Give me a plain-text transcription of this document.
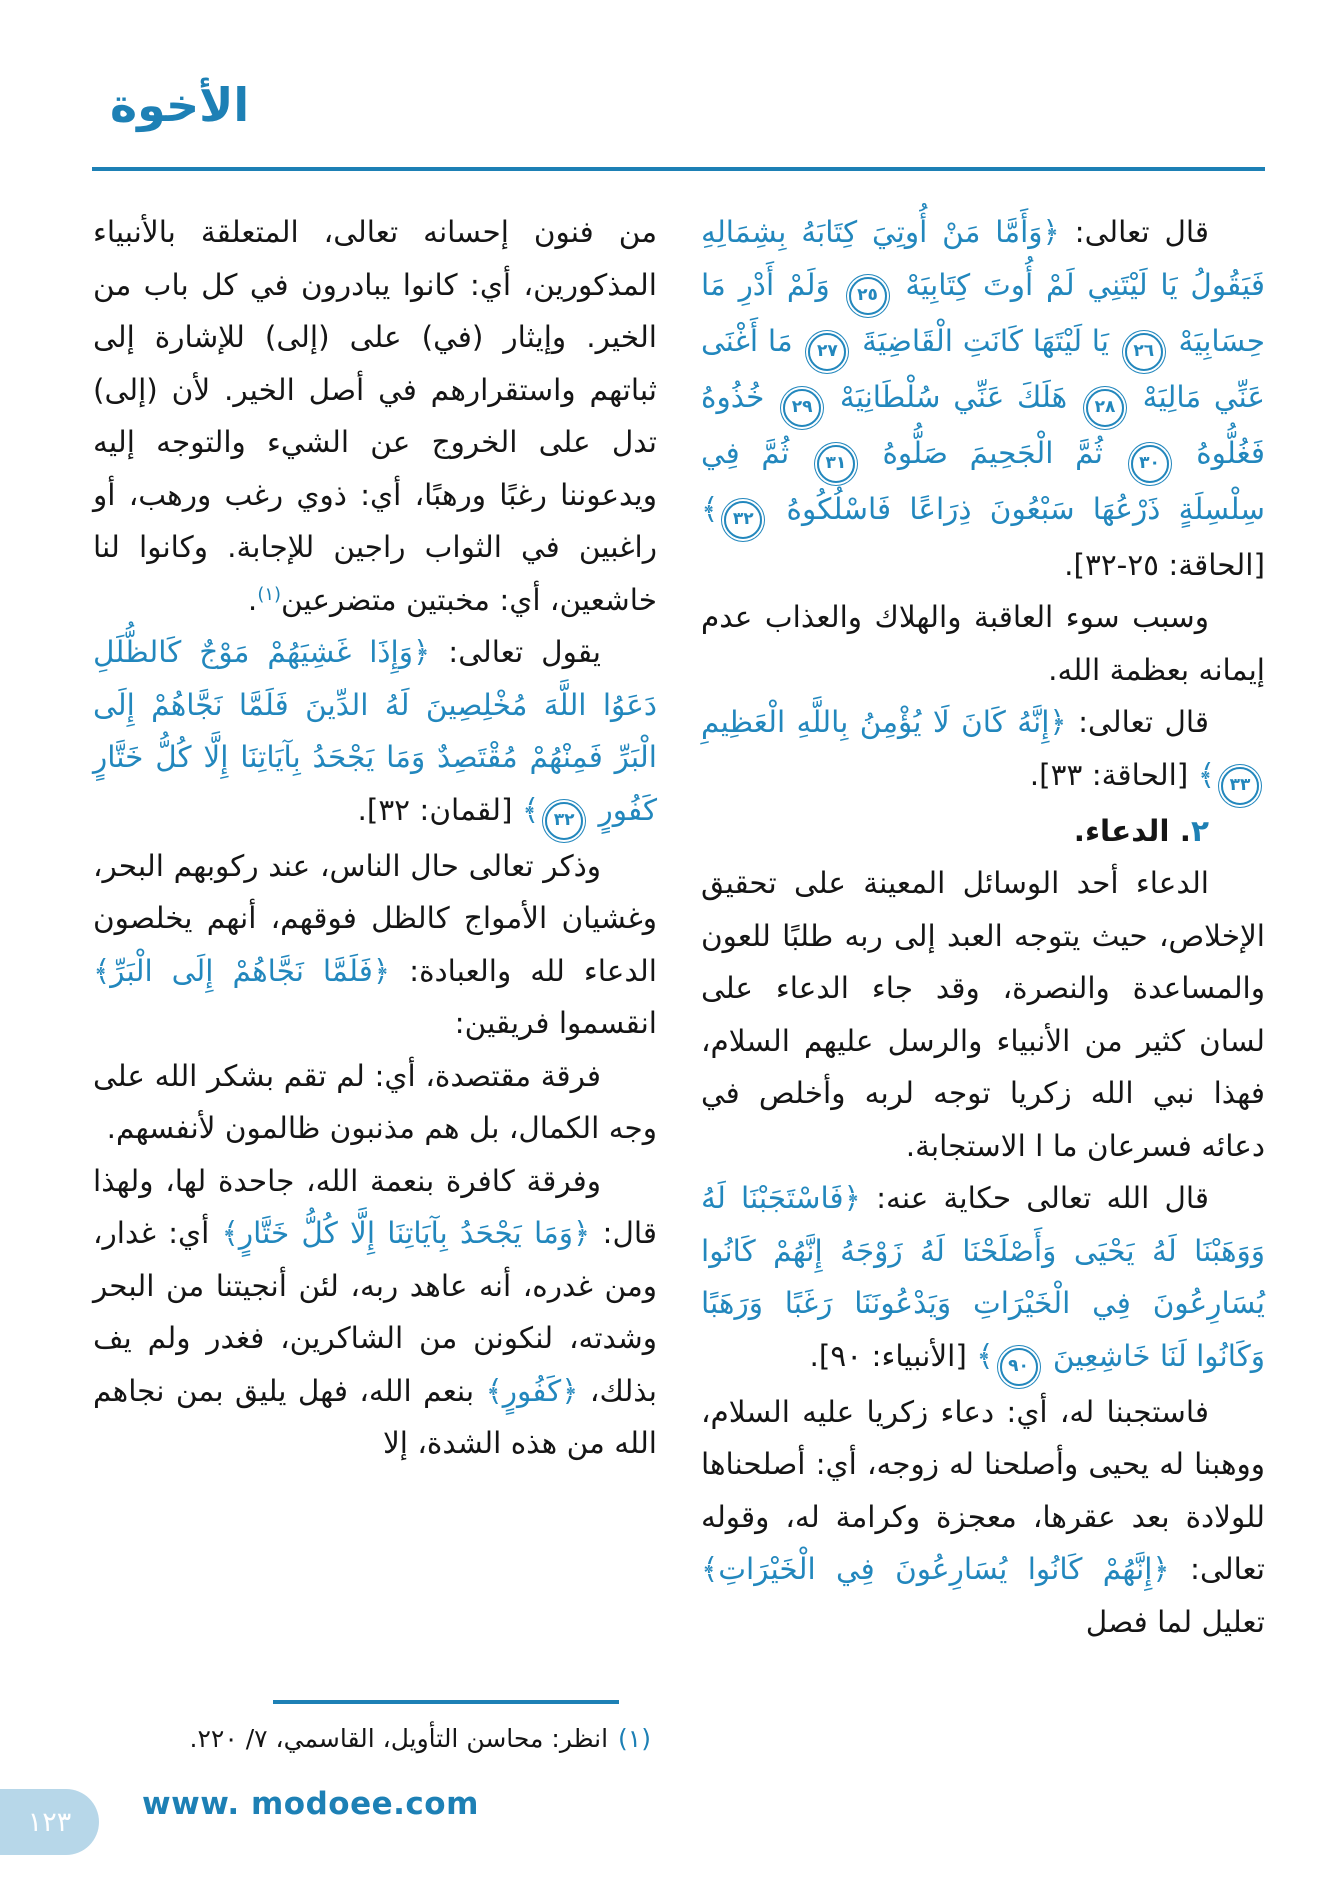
الأخوة

قال تعالى: ﴿وَأَمَّا مَنْ أُوتِيَ كِتَابَهُ بِشِمَالِهِ فَيَقُولُ يَا لَيْتَنِي لَمْ أُوتَ كِتَابِيَهْ ٢٥ وَلَمْ أَدْرِ مَا حِسَابِيَهْ ٢٦ يَا لَيْتَهَا كَانَتِ الْقَاضِيَةَ ٢٧ مَا أَغْنَى عَنِّي مَالِيَهْ ٢٨ هَلَكَ عَنِّي سُلْطَانِيَهْ ٢٩ خُذُوهُ فَغُلُّوهُ ٣٠ ثُمَّ الْجَحِيمَ صَلُّوهُ ٣١ ثُمَّ فِي سِلْسِلَةٍ ذَرْعُهَا سَبْعُونَ ذِرَاعًا فَاسْلُكُوهُ ٣٢﴾ [الحاقة: ٢٥-٣٢].

وسبب سوء العاقبة والهلاك والعذاب عدم إيمانه بعظمة الله.

قال تعالى: ﴿إِنَّهُ كَانَ لَا يُؤْمِنُ بِاللَّهِ الْعَظِيمِ ٣٣﴾ [الحاقة: ٣٣].

٢. الدعاء.

الدعاء أحد الوسائل المعينة على تحقيق الإخلاص، حيث يتوجه العبد إلى ربه طلبًا للعون والمساعدة والنصرة، وقد جاء الدعاء على لسان كثير من الأنبياء والرسل عليهم السلام، فهذا نبي الله زكريا توجه لربه وأخلص في دعائه فسرعان ما ا الاستجابة.

قال الله تعالى حكاية عنه: ﴿فَاسْتَجَبْنَا لَهُ وَوَهَبْنَا لَهُ يَحْيَى وَأَصْلَحْنَا لَهُ زَوْجَهُ إِنَّهُمْ كَانُوا يُسَارِعُونَ فِي الْخَيْرَاتِ وَيَدْعُونَنَا رَغَبًا وَرَهَبًا وَكَانُوا لَنَا خَاشِعِينَ ٩٠﴾ [الأنبياء: ٩٠].

فاستجبنا له، أي: دعاء زكريا عليه السلام، ووهبنا له يحيى وأصلحنا له زوجه، أي: أصلحناها للولادة بعد عقرها، معجزة وكرامة له، وقوله تعالى: ﴿إِنَّهُمْ كَانُوا يُسَارِعُونَ فِي الْخَيْرَاتِ﴾ تعليل لما فصل

من فنون إحسانه تعالى، المتعلقة بالأنبياء المذكورين، أي: كانوا يبادرون في كل باب من الخير. وإيثار (في) على (إلى) للإشارة إلى ثباتهم واستقرارهم في أصل الخير. لأن (إلى) تدل على الخروج عن الشيء والتوجه إليه ويدعوننا رغبًا ورهبًا، أي: ذوي رغب ورهب، أو راغبين في الثواب راجين للإجابة. وكانوا لنا خاشعين، أي: مخبتين متضرعين$^{(١)}$.

يقول تعالى: ﴿وَإِذَا غَشِيَهُمْ مَوْجٌ كَالظُّلَلِ دَعَوُا اللَّهَ مُخْلِصِينَ لَهُ الدِّينَ فَلَمَّا نَجَّاهُمْ إِلَى الْبَرِّ فَمِنْهُمْ مُقْتَصِدٌ وَمَا يَجْحَدُ بِآيَاتِنَا إِلَّا كُلُّ خَتَّارٍ كَفُورٍ ٣٢﴾ [لقمان: ٣٢].

وذكر تعالى حال الناس، عند ركوبهم البحر، وغشيان الأمواج كالظل فوقهم، أنهم يخلصون الدعاء لله والعبادة: ﴿فَلَمَّا نَجَّاهُمْ إِلَى الْبَرِّ﴾ انقسموا فريقين:

فرقة مقتصدة، أي: لم تقم بشكر الله على وجه الكمال، بل هم مذنبون ظالمون لأنفسهم.

وفرقة كافرة بنعمة الله، جاحدة لها، ولهذا قال: ﴿وَمَا يَجْحَدُ بِآيَاتِنَا إِلَّا كُلُّ خَتَّارٍ﴾ أي: غدار، ومن غدره، أنه عاهد ربه، لئن أنجيتنا من البحر وشدته، لنكونن من الشاكرين، فغدر ولم يف بذلك، ﴿كَفُورٍ﴾ بنعم الله، فهل يليق بمن نجاهم الله من هذه الشدة، إلا

(١)انظر: محاسن التأويل، القاسمي، ٧/ ٢٢٠.

١٢٣ www. modoee.com
